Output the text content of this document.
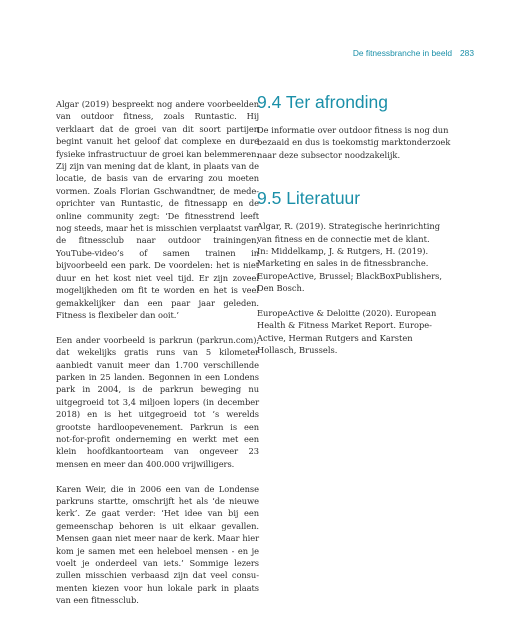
De fitnessbranche in beeld 283

Algar (2019) bespreekt nog andere voorbeelden van outdoor fitness, zoals Runtastic. Hij verklaart dat de groei van dit soort partijen begint vanuit het geloof dat complexe en dure fysieke infrastructuur de groei kan belemmeren. Zij zijn van mening dat de klant, in plaats van de locatie, de basis van de ervaring zou moeten vormen. Zoals Florian Gschwandtner, de mede-oprichter van Runtastic, de fitnessapp en de online community zegt: ‘De fitnesstrend leeft nog steeds, maar het is misschien verplaatst van de fitnessclub naar outdoor trainingen, YouTube-video’s of samen trainen in bijvoorbeeld een park. De voordelen: het is niet duur en het kost niet veel tijd. Er zijn zoveel mogelijkheden om fit te worden en het is veel gemakkelijker dan een paar jaar geleden. Fitness is flexibeler dan ooit.’

Een ander voorbeeld is parkrun (parkrun.com), dat wekelijks gratis runs van 5 kilometer aanbiedt vanuit meer dan 1.700 verschillende parken in 25 landen. Begonnen in een Londens park in 2004, is de parkrun beweging nu uitgegroeid tot 3,4 miljoen lopers (in december 2018) en is het uitgegroeid tot ’s werelds grootste hardloopevenement. Parkrun is een not-for-profit onderneming en werkt met een klein hoofdkantoorteam van ongeveer 23 mensen en meer dan 400.000 vrijwilligers.

Karen Weir, die in 2006 een van de Londense parkruns startte, omschrijft het als ‘de nieuwe kerk’. Ze gaat verder: ‘Het idee van bij een gemeenschap behoren is uit elkaar gevallen. Mensen gaan niet meer naar de kerk. Maar hier kom je samen met een heleboel mensen - en je voelt je onderdeel van iets.’ Sommige lezers zullen misschien verbaasd zijn dat veel consumenten kiezen voor hun lokale park in plaats van een fitnessclub.

9.4 Ter afronding

De informatie over outdoor fitness is nog dun bezaaid en dus is toekomstig marktonderzoek naar deze subsector noodzakelijk.

9.5 Literatuur

Algar, R. (2019). Strategische herinrichting
van fitness en de connectie met de klant.
In: Middelkamp, J. & Rutgers, H. (2019).
Marketing en sales in de fitnessbranche.
EuropeActive, Brussel; BlackBoxPublishers,
Den Bosch.

EuropeActive & Deloitte (2020). European
Health & Fitness Market Report. Europe-
Active, Herman Rutgers and Karsten
Hollasch, Brussels.
